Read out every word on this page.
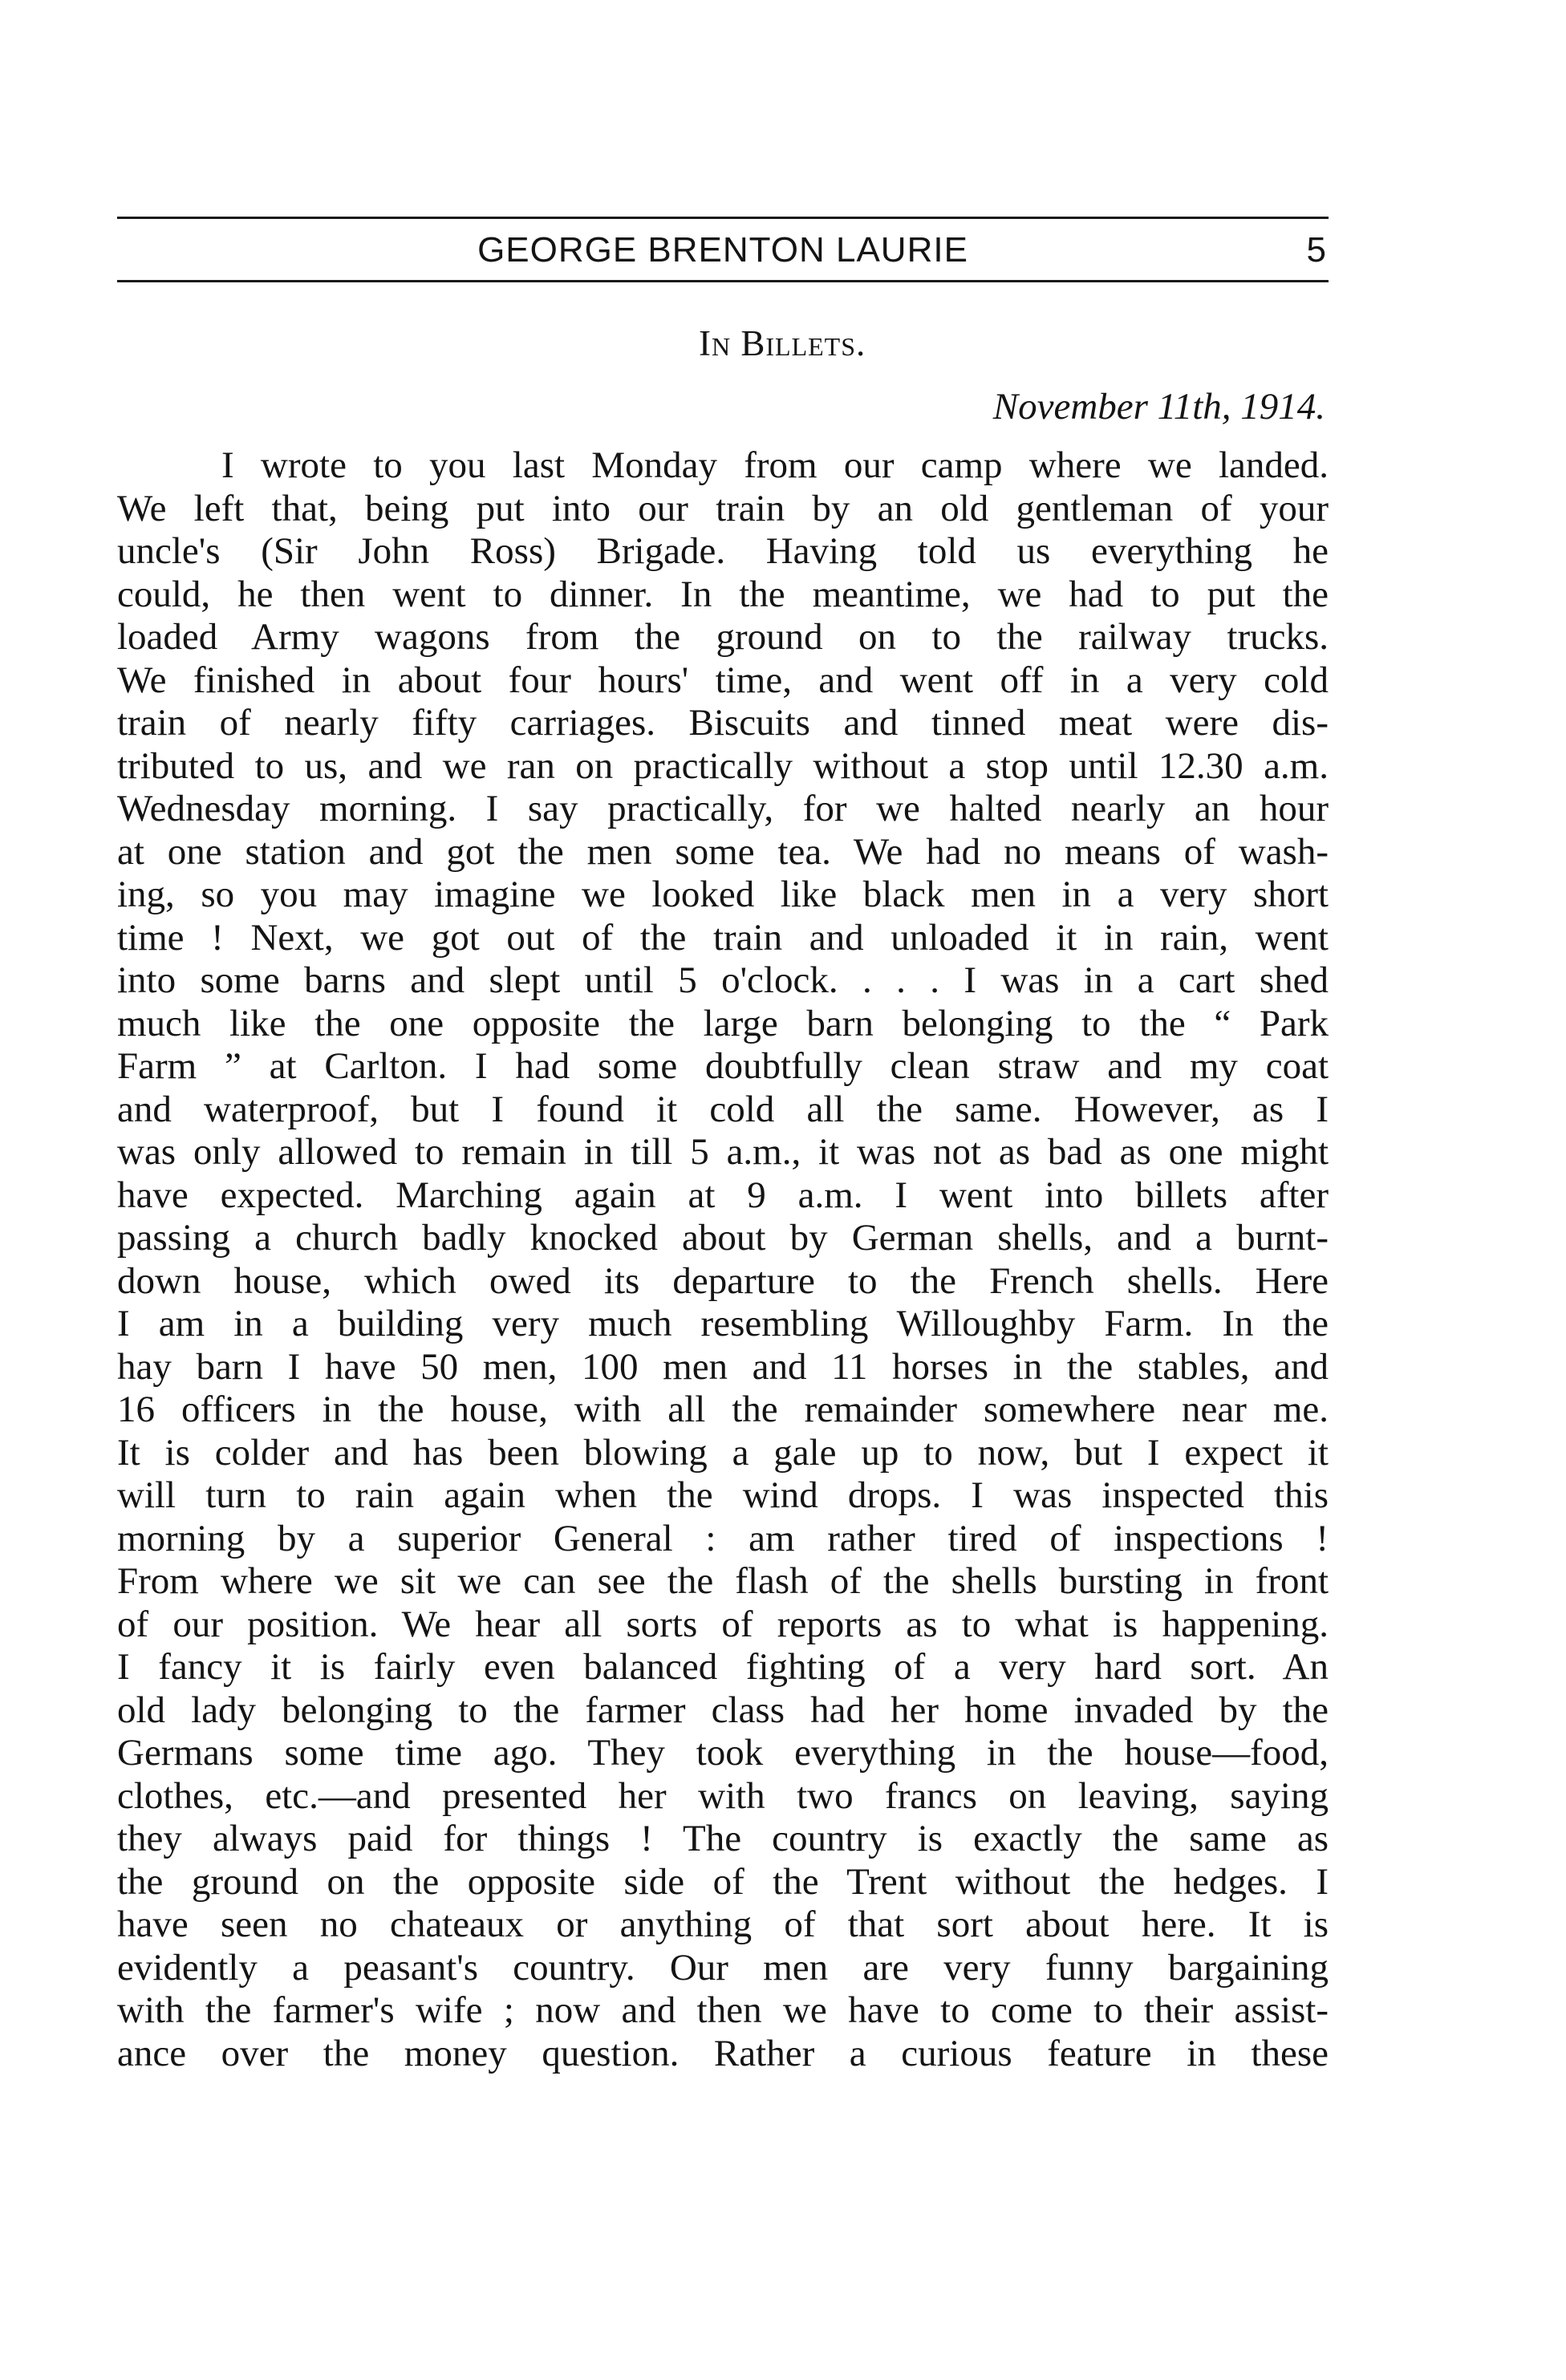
GEORGE BRENTON LAURIE	5
In Billets.
November 11th, 1914.
I wrote to you last Monday from our camp where we landed.
We left that, being put into our train by an old gentleman of your
uncle's (Sir John Ross) Brigade. Having told us everything he
could, he then went to dinner. In the meantime, we had to put the
loaded Army wagons from the ground on to the railway trucks.
We finished in about four hours' time, and went off in a very cold
train of nearly fifty carriages. Biscuits and tinned meat were dis-
tributed to us, and we ran on practically without a stop until 12.30 a.m.
Wednesday morning. I say practically, for we halted nearly an hour
at one station and got the men some tea. We had no means of wash-
ing, so you may imagine we looked like black men in a very short
time ! Next, we got out of the train and unloaded it in rain, went
into some barns and slept until 5 o'clock. . . . I was in a cart shed
much like the one opposite the large barn belonging to the “ Park
Farm ” at Carlton. I had some doubtfully clean straw and my coat
and waterproof, but I found it cold all the same. However, as I
was only allowed to remain in till 5 a.m., it was not as bad as one might
have expected. Marching again at 9 a.m. I went into billets after
passing a church badly knocked about by German shells, and a burnt-
down house, which owed its departure to the French shells. Here
I am in a building very much resembling Willoughby Farm. In the
hay barn I have 50 men, 100 men and 11 horses in the stables, and
16 officers in the house, with all the remainder somewhere near me.
It is colder and has been blowing a gale up to now, but I expect it
will turn to rain again when the wind drops. I was inspected this
morning by a superior General : am rather tired of inspections !
From where we sit we can see the flash of the shells bursting in front
of our position. We hear all sorts of reports as to what is happening.
I fancy it is fairly even balanced fighting of a very hard sort. An
old lady belonging to the farmer class had her home invaded by the
Germans some time ago. They took everything in the house—food,
clothes, etc.—and presented her with two francs on leaving, saying
they always paid for things ! The country is exactly the same as
the ground on the opposite side of the Trent without the hedges. I
have seen no chateaux or anything of that sort about here. It is
evidently a peasant's country. Our men are very funny bargaining
with the farmer's wife ; now and then we have to come to their assist-
ance over the money question. Rather a curious feature in these
